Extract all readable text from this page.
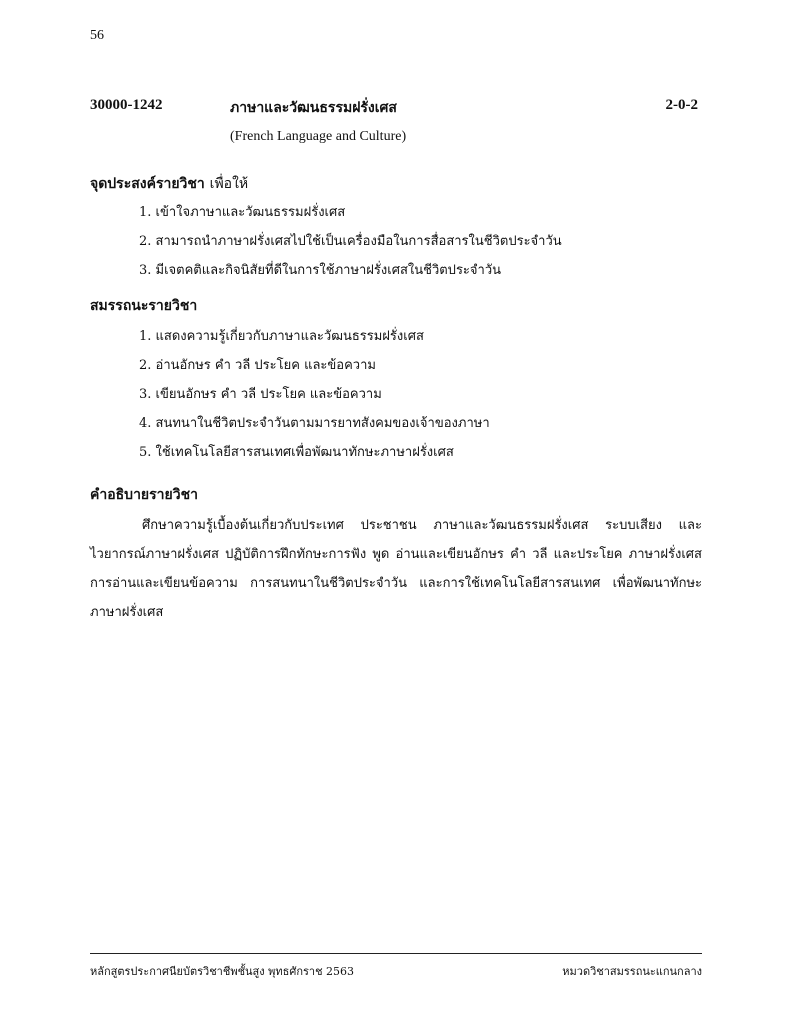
56
30000-1242	ภาษาและวัฒนธรรมฝรั่งเศส	2-0-2
(French Language and Culture)
จุดประสงค์รายวิชา เพื่อให้
1. เข้าใจภาษาและวัฒนธรรมฝรั่งเศส
2. สามารถนำภาษาฝรั่งเศสไปใช้เป็นเครื่องมือในการสื่อสารในชีวิตประจำวัน
3. มีเจตคติและกิจนิสัยที่ดีในการใช้ภาษาฝรั่งเศสในชีวิตประจำวัน
สมรรถนะรายวิชา
1. แสดงความรู้เกี่ยวกับภาษาและวัฒนธรรมฝรั่งเศส
2. อ่านอักษร คำ วลี ประโยค และข้อความ
3. เขียนอักษร คำ วลี ประโยค และข้อความ
4. สนทนาในชีวิตประจำวันตามมารยาทสังคมของเจ้าของภาษา
5. ใช้เทคโนโลยีสารสนเทศเพื่อพัฒนาทักษะภาษาฝรั่งเศส
คำอธิบายรายวิชา
ศึกษาความรู้เบื้องต้นเกี่ยวกับประเทศ ประชาชน ภาษาและวัฒนธรรมฝรั่งเศส ระบบเสียง และไวยากรณ์ภาษาฝรั่งเศส ปฏิบัติการฝึกทักษะการฟัง พูด อ่านและเขียนอักษร คำ วลี และประโยค ภาษาฝรั่งเศส การอ่านและเขียนข้อความ การสนทนาในชีวิตประจำวัน และการใช้เทคโนโลยีสารสนเทศ เพื่อพัฒนาทักษะภาษาฝรั่งเศส
หลักสูตรประกาศนียบัตรวิชาชีพชั้นสูง พุทธศักราช 2563	หมวดวิชาสมรรถนะแกนกลาง
